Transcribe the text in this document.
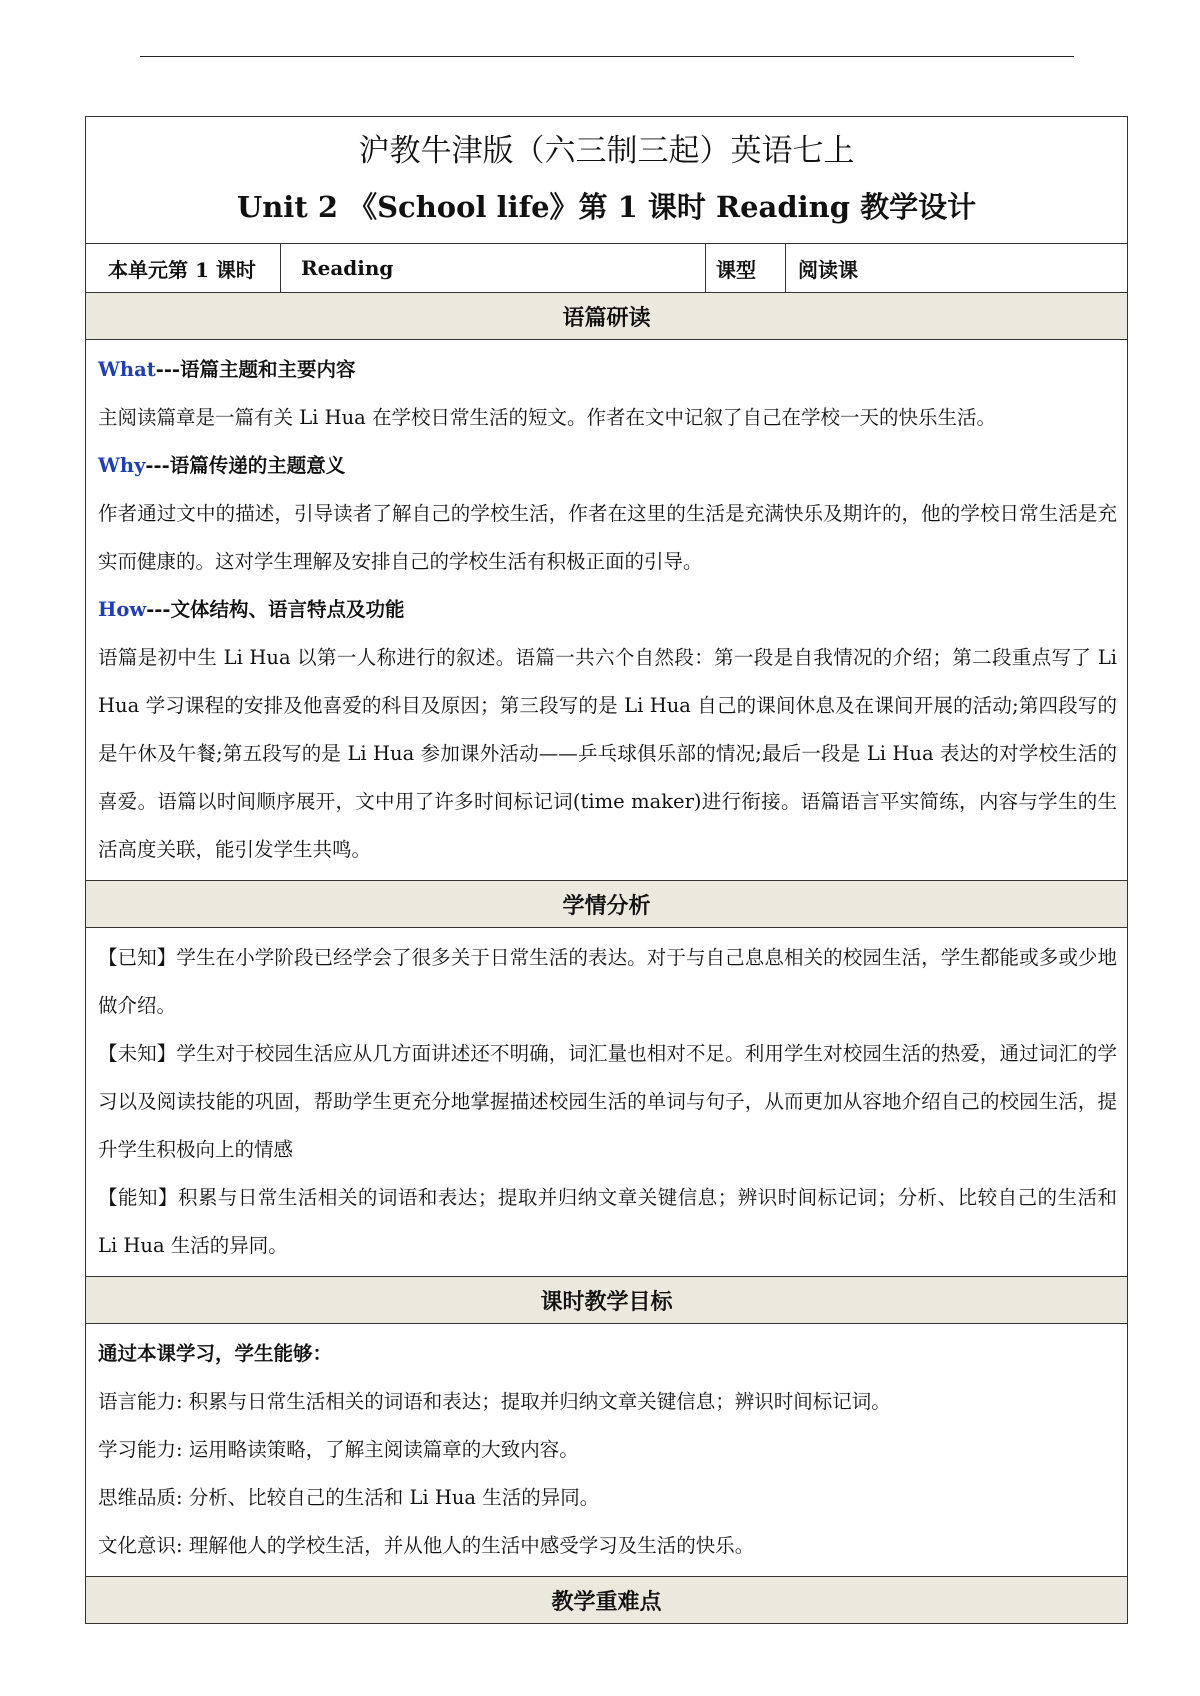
沪教牛津版（六三制三起）英语七上
Unit 2 《School life》第 1 课时 Reading 教学设计

本单元第 1 课时	Reading	课型	阅读课
语篇研读

What---语篇主题和主要内容

主阅读篇章是一篇有关 Li Hua 在学校日常生活的短文。作者在文中记叙了自己在学校一天的快乐生活。

Why---语篇传递的主题意义

作者通过文中的描述，引导读者了解自己的学校生活，作者在这里的生活是充满快乐及期许的，他的学校日常生活是充实而健康的。这对学生理解及安排自己的学校生活有积极正面的引导。

How---文体结构、语言特点及功能

语篇是初中生 Li Hua 以第一人称进行的叙述。语篇一共六个自然段：第一段是自我情况的介绍；第二段重点写了 Li Hua 学习课程的安排及他喜爱的科目及原因；第三段写的是 Li Hua 自己的课间休息及在课间开展的活动;第四段写的是午休及午餐;第五段写的是 Li Hua 参加课外活动——乒乓球俱乐部的情况;最后一段是 Li Hua 表达的对学校生活的喜爱。语篇以时间顺序展开，文中用了许多时间标记词(time maker)进行衔接。语篇语言平实简练，内容与学生的生活高度关联，能引发学生共鸣。

学情分析

【已知】学生在小学阶段已经学会了很多关于日常生活的表达。对于与自己息息相关的校园生活，学生都能或多或少地做介绍。

【未知】学生对于校园生活应从几方面讲述还不明确，词汇量也相对不足。利用学生对校园生活的热爱，通过词汇的学习以及阅读技能的巩固，帮助学生更充分地掌握描述校园生活的单词与句子，从而更加从容地介绍自己的校园生活，提升学生积极向上的情感

【能知】积累与日常生活相关的词语和表达；提取并归纳文章关键信息；辨识时间标记词；分析、比较自己的生活和 Li Hua 生活的异同。

课时教学目标

通过本课学习，学生能够：

语言能力: 积累与日常生活相关的词语和表达；提取并归纳文章关键信息；辨识时间标记词。

学习能力: 运用略读策略，了解主阅读篇章的大致内容。

思维品质: 分析、比较自己的生活和 Li Hua 生活的异同。

文化意识: 理解他人的学校生活，并从他人的生活中感受学习及生活的快乐。

教学重难点
